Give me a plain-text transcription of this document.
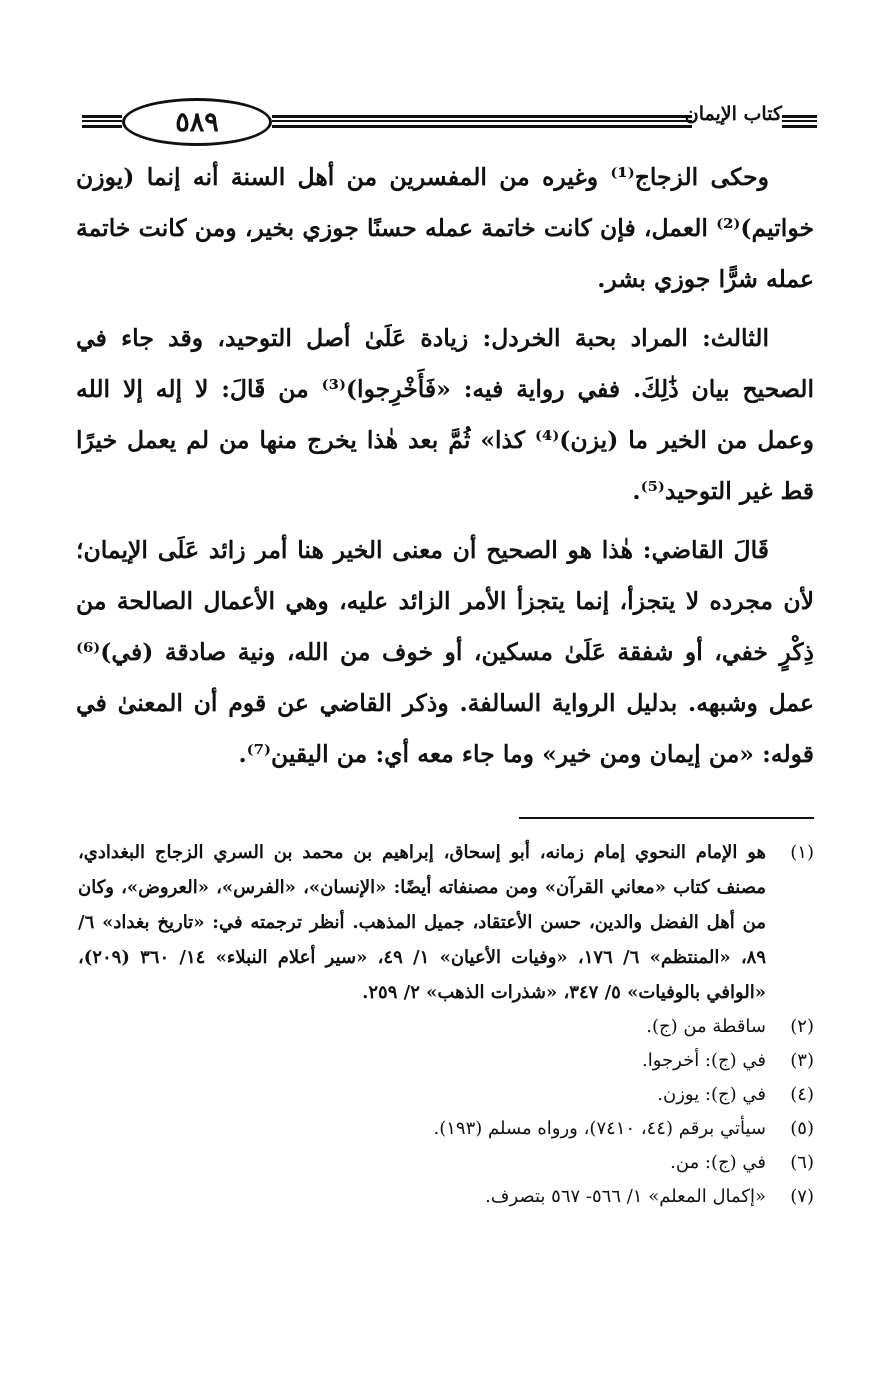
٥٨٩	كتاب الإيمان

وحكى الزجاج⁽¹⁾ وغيره من المفسرين من أهل السنة أنه إنما (يوزن خواتيم)⁽²⁾ العمل، فإن كانت خاتمة عمله حسنًا جوزي بخير، ومن كانت خاتمة عمله شرًّا جوزي بشر.

الثالث: المراد بحبة الخردل: زيادة عَلَىٰ أصل التوحيد، وقد جاء في الصحيح بيان ذَٰلِكَ. ففي رواية فيه: «فَأَخْرِجوا)⁽³⁾ من قَالَ: لا إله إلا الله وعمل من الخير ما (يزن)⁽⁴⁾ كذا» ثُمَّ بعد هٰذا يخرج منها من لم يعمل خيرًا قط غير التوحيد⁽⁵⁾.

قَالَ القاضي: هٰذا هو الصحيح أن معنى الخير هنا أمر زائد عَلَى الإيمان؛ لأن مجرده لا يتجزأ، إنما يتجزأ الأمر الزائد عليه، وهي الأعمال الصالحة من ذِكْرٍ خفي، أو شفقة عَلَىٰ مسكين، أو خوف من الله، ونية صادقة (في)⁽⁶⁾ عمل وشبهه. بدليل الرواية السالفة. وذكر القاضي عن قوم أن المعنىٰ في قوله: «من إيمان ومن خير» وما جاء معه أي: من اليقين⁽⁷⁾.

(١)
هو الإمام النحوي إمام زمانه، أبو إسحاق، إبراهيم بن محمد بن السري الزجاج البغدادي، مصنف كتاب «معاني القرآن» ومن مصنفاته أيضًا: «الإنسان»، «الفرس»، «العروض»، وكان من أهل الفضل والدين، حسن الأعتقاد، جميل المذهب. أنظر ترجمته في: «تاريخ بغداد» ٦/ ٨٩، «المنتظم» ٦/ ١٧٦، «وفيات الأعيان» ١/ ٤٩، «سير أعلام النبلاء» ١٤/ ٣٦٠ (٢٠٩)، «الوافي بالوفيات» ٥/ ٣٤٧، «شذرات الذهب» ٢/ ٢٥٩.
(٢)
ساقطة من (ج).
(٣)
في (ج): أخرجوا.
(٤)
في (ج): يوزن.
(٥)
سيأتي برقم (٤٤، ٧٤١٠)، ورواه مسلم (١٩٣).
(٦)
في (ج): من.
(٧)
«إكمال المعلم» ١/ ٥٦٦- ٥٦٧ بتصرف.
